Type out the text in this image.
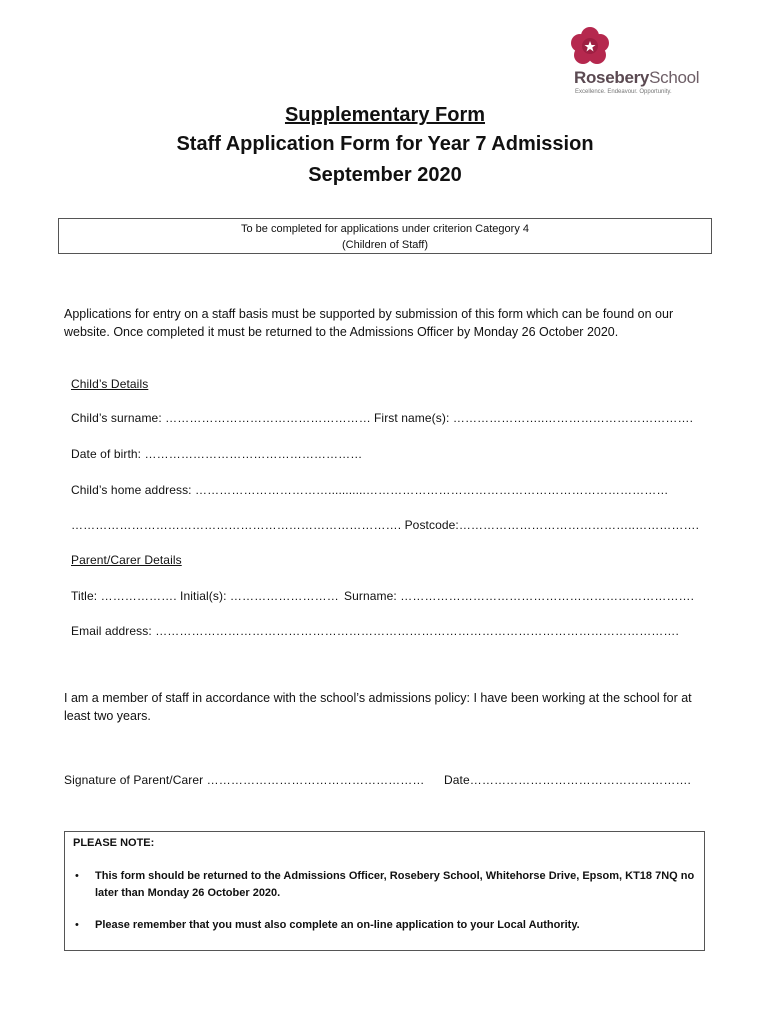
RoseberySchool
Excellence. Endeavour. Opportunity.
Supplementary Form
Staff Application Form for Year 7 Admission
September 2020
To be completed for applications under criterion Category 4
(Children of Staff)
Applications for entry on a staff basis must be supported by submission of this form which can be found on our website. Once completed it must be returned to the Admissions Officer by Monday 26 October 2020.
Child’s Details
Child’s surname: …………………………………………… First name(s): …………………..……………………………….
Date of birth: ………………………………………………
Child’s home address: ……………………………...........…………………………………………………………………
………………………………………………………………………. Postcode:……………………………………..…………….
Parent/Carer Details
Title: ………………. Initial(s): ……………………… Surname: ……………………………………………………………….
Email address: ………………………………………………………………………………………………………………….
I am a member of staff in accordance with the school’s admissions policy: I have been working at the school for at least two years.
Signature of Parent/Carer ……………………………………………… Date……………………………………………….
PLEASE NOTE:
• This form should be returned to the Admissions Officer, Rosebery School, Whitehorse Drive, Epsom, KT18 7NQ no later than Monday 26 October 2020.
• Please remember that you must also complete an on-line application to your Local Authority.
